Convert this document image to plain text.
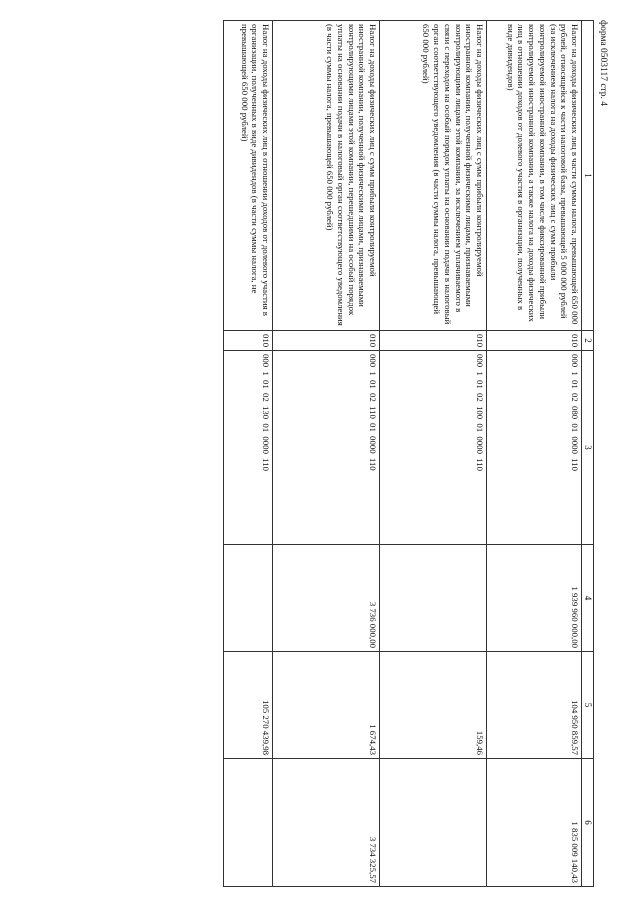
форма 0503117 стр. 4
1	2	3	4	5	6
Налог на доходы физических лиц в части суммы налога, превышающей 650 000 рублей, относящейся к части налоговой базы, превышающей 5 000 000 рублей (за исключением налога на доходы физических лиц с сумм прибыли контролируемой иностранной компании, в том числе фиксированной прибыли контролируемой иностранной компании, а также налога на доходы физических лиц в отношении доходов от долевого участия в организации, полученных в виде дивидендов)	010	000 1 01 02 080 01 0000 110	1 939 960 000,00	104 950 859,57	1 835 009 140,43
Налог на доходы физических лиц с сумм прибыли контролируемой иностранной компании, полученной физическими лицами, признаваемыми контролирующими лицами этой компании, за исключением уплачиваемого в связи с переходом на особый порядок уплаты на основании подачи в налоговый орган соответствующего уведомления (в части суммы налога, превышающей 650 000 рублей)	010	000 1 01 02 100 01 0000 110		159,46	
Налог на доходы физических лиц с сумм прибыли контролируемой иностранной компании, полученной физическими лицами, признаваемыми контролирующими лицами этой компании, перешедшими на особый порядок уплаты на основании подачи в налоговый орган соответствующего уведомления (в части суммы налога, превышающей 650 000 рублей)	010	000 1 01 02 110 01 0000 110	3 736 000,00	1 674,43	3 734 325,57
Налог на доходы физических лиц в отношении доходов от долевого участия в организации, полученных в виде дивидендов (в части суммы налога, не превышающей 650 000 рублей)	010	000 1 01 02 130 01 0000 110		105 270 439,98	
